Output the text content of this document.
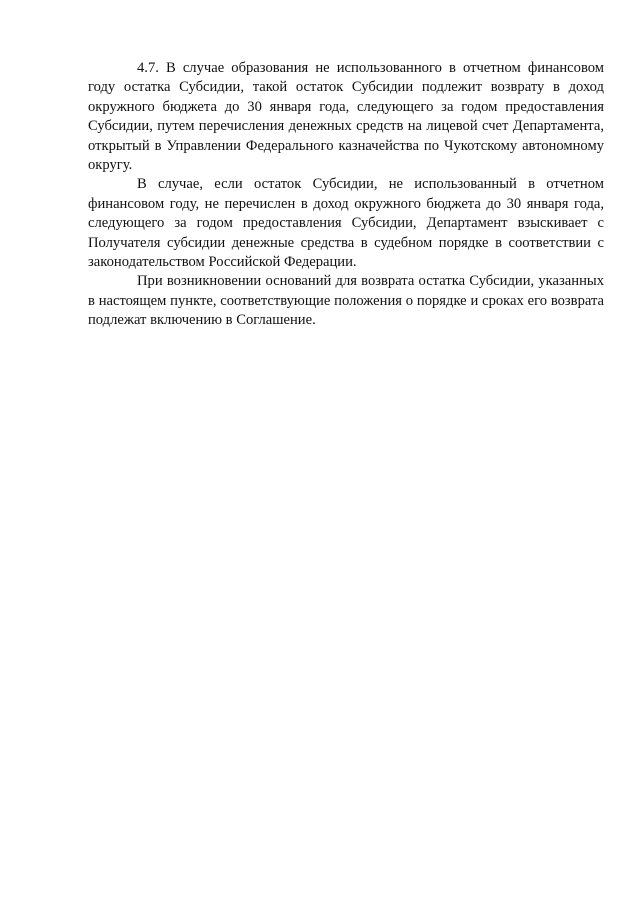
4.7. В случае образования не использованного в отчетном финансовом году остатка Субсидии, такой остаток Субсидии подлежит возврату в доход окружного бюджета до 30 января года, следующего за годом предоставления Субсидии, путем перечисления денежных средств на лицевой счет Департамента, открытый в Управлении Федерального казначейства по Чукотскому автономному округу.

В случае, если остаток Субсидии, не использованный в отчетном финансовом году, не перечислен в доход окружного бюджета до 30 января года, следующего за годом предоставления Субсидии, Департамент взыскивает с Получателя субсидии денежные средства в судебном порядке в соответствии с законодательством Российской Федерации.

При возникновении оснований для возврата остатка Субсидии, указанных в настоящем пункте, соответствующие положения о порядке и сроках его возврата подлежат включению в Соглашение.
